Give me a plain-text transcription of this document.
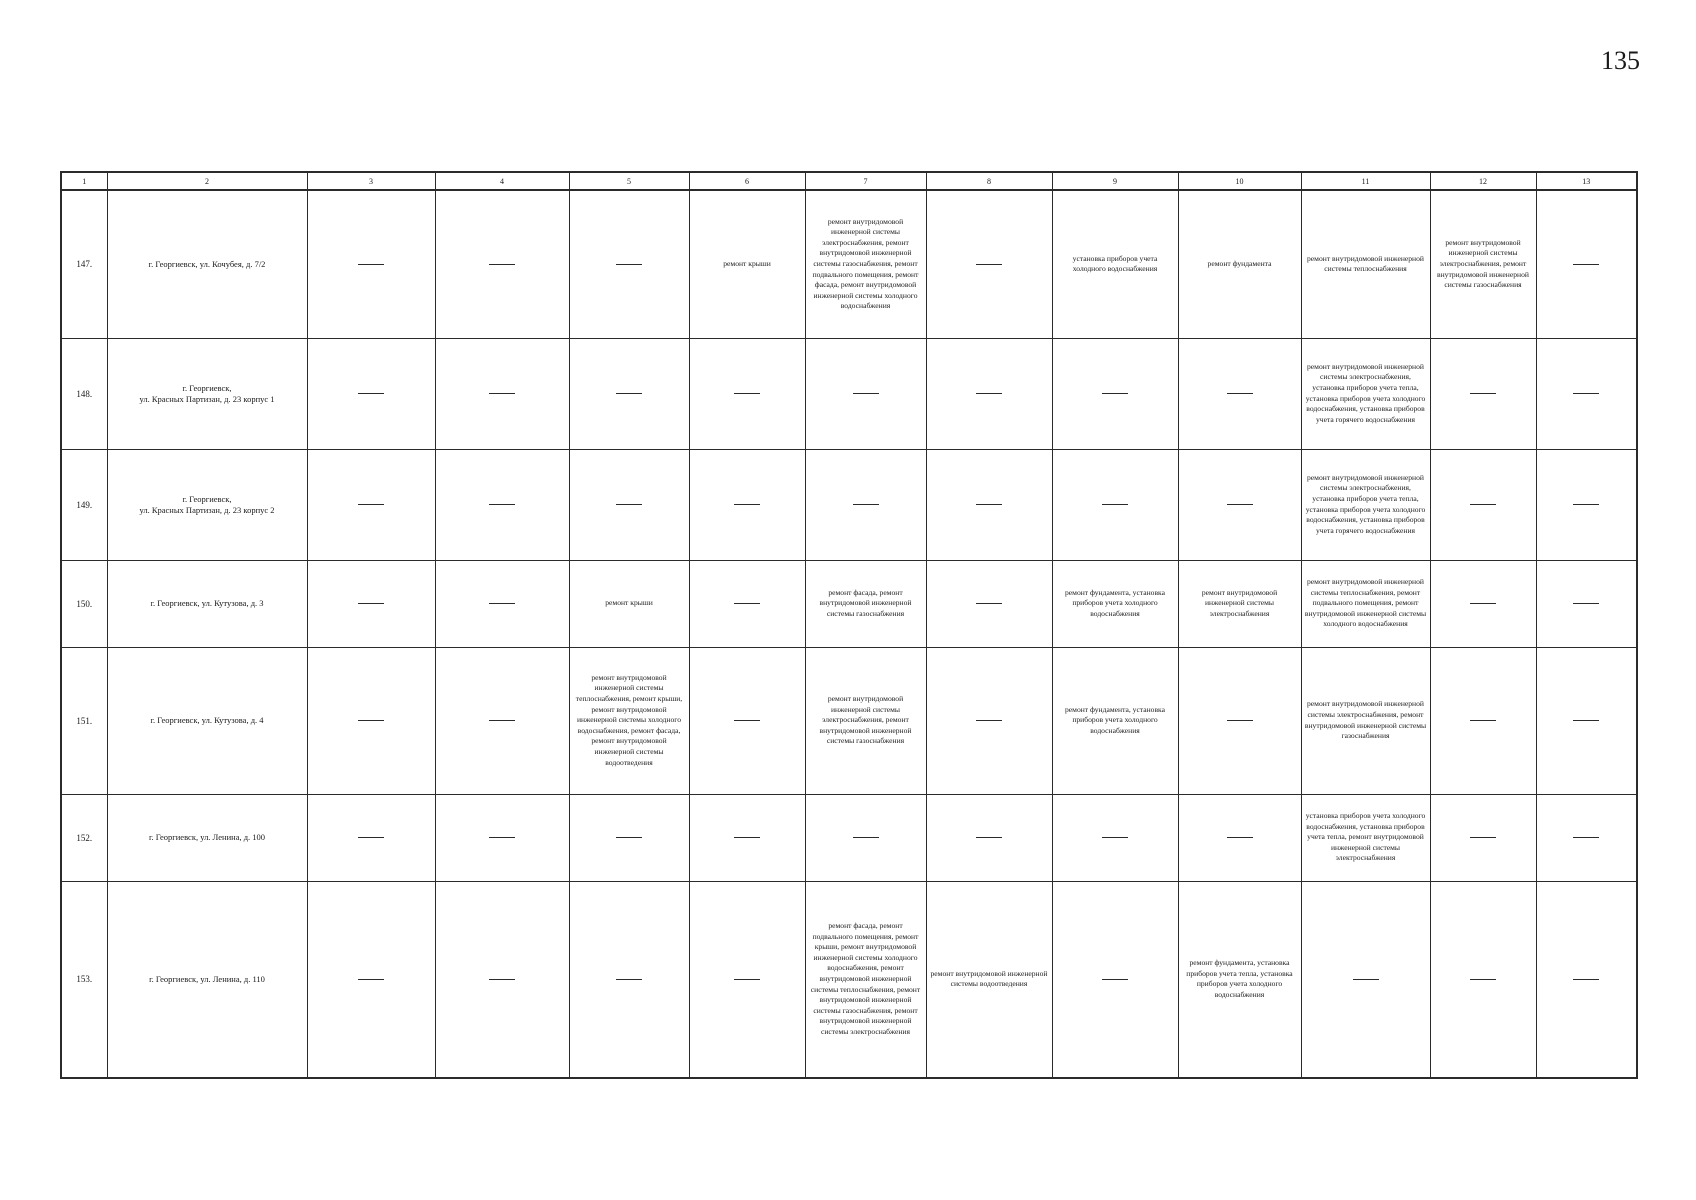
135
1	2	3	4	5	6	7	8	9	10	11	12	13
147.	г. Георгиевск, ул. Кочубея, д. 7/2				ремонт крыши	ремонт внутридомовой инженерной системы электроснабжения, ремонт внутридомовой инженерной системы газоснабжения, ремонт подвального помещения, ремонт фасада, ремонт внутридомовой инженерной системы холодного водоснабжения		установка приборов учета холодного водоснабжения	ремонт фундамента	ремонт внутридомовой инженерной системы теплоснабжения	ремонт внутридомовой инженерной системы электроснабжения, ремонт внутридомовой инженерной системы газоснабжения	
148.	г. Георгиевск,
ул. Красных Партизан, д. 23 корпус 1									ремонт внутридомовой инженерной системы электроснабжения, установка приборов учета тепла, установка приборов учета холодного водоснабжения, установка приборов учета горячего водоснабжения		
149.	г. Георгиевск,
ул. Красных Партизан, д. 23 корпус 2									ремонт внутридомовой инженерной системы электроснабжения, установка приборов учета тепла, установка приборов учета холодного водоснабжения, установка приборов учета горячего водоснабжения		
150.	г. Георгиевск, ул. Кутузова, д. 3			ремонт крыши		ремонт фасада, ремонт внутридомовой инженерной системы газоснабжения		ремонт фундамента, установка приборов учета холодного водоснабжения	ремонт внутридомовой инженерной системы электроснабжения	ремонт внутридомовой инженерной системы теплоснабжения, ремонт подвального помещения, ремонт внутридомовой инженерной системы холодного водоснабжения		
151.	г. Георгиевск, ул. Кутузова, д. 4			ремонт внутридомовой инженерной системы теплоснабжения, ремонт крыши, ремонт внутридомовой инженерной системы холодного водоснабжения, ремонт фасада, ремонт внутридомовой инженерной системы водоотведения		ремонт внутридомовой инженерной системы электроснабжения, ремонт внутридомовой инженерной системы газоснабжения		ремонт фундамента, установка приборов учета холодного водоснабжения		ремонт внутридомовой инженерной системы электроснабжения, ремонт внутридомовой инженерной системы газоснабжения		
152.	г. Георгиевск, ул. Ленина, д. 100									установка приборов учета холодного водоснабжения, установка приборов учета тепла, ремонт внутридомовой инженерной системы электроснабжения		
153.	г. Георгиевск, ул. Ленина, д. 110					ремонт фасада, ремонт подвального помещения, ремонт крыши, ремонт внутридомовой инженерной системы холодного водоснабжения, ремонт внутридомовой инженерной системы теплоснабжения, ремонт внутридомовой инженерной системы газоснабжения, ремонт внутридомовой инженерной системы электроснабжения	ремонт внутридомовой инженерной системы водоотведения		ремонт фундамента, установка приборов учета тепла, установка приборов учета холодного водоснабжения			
